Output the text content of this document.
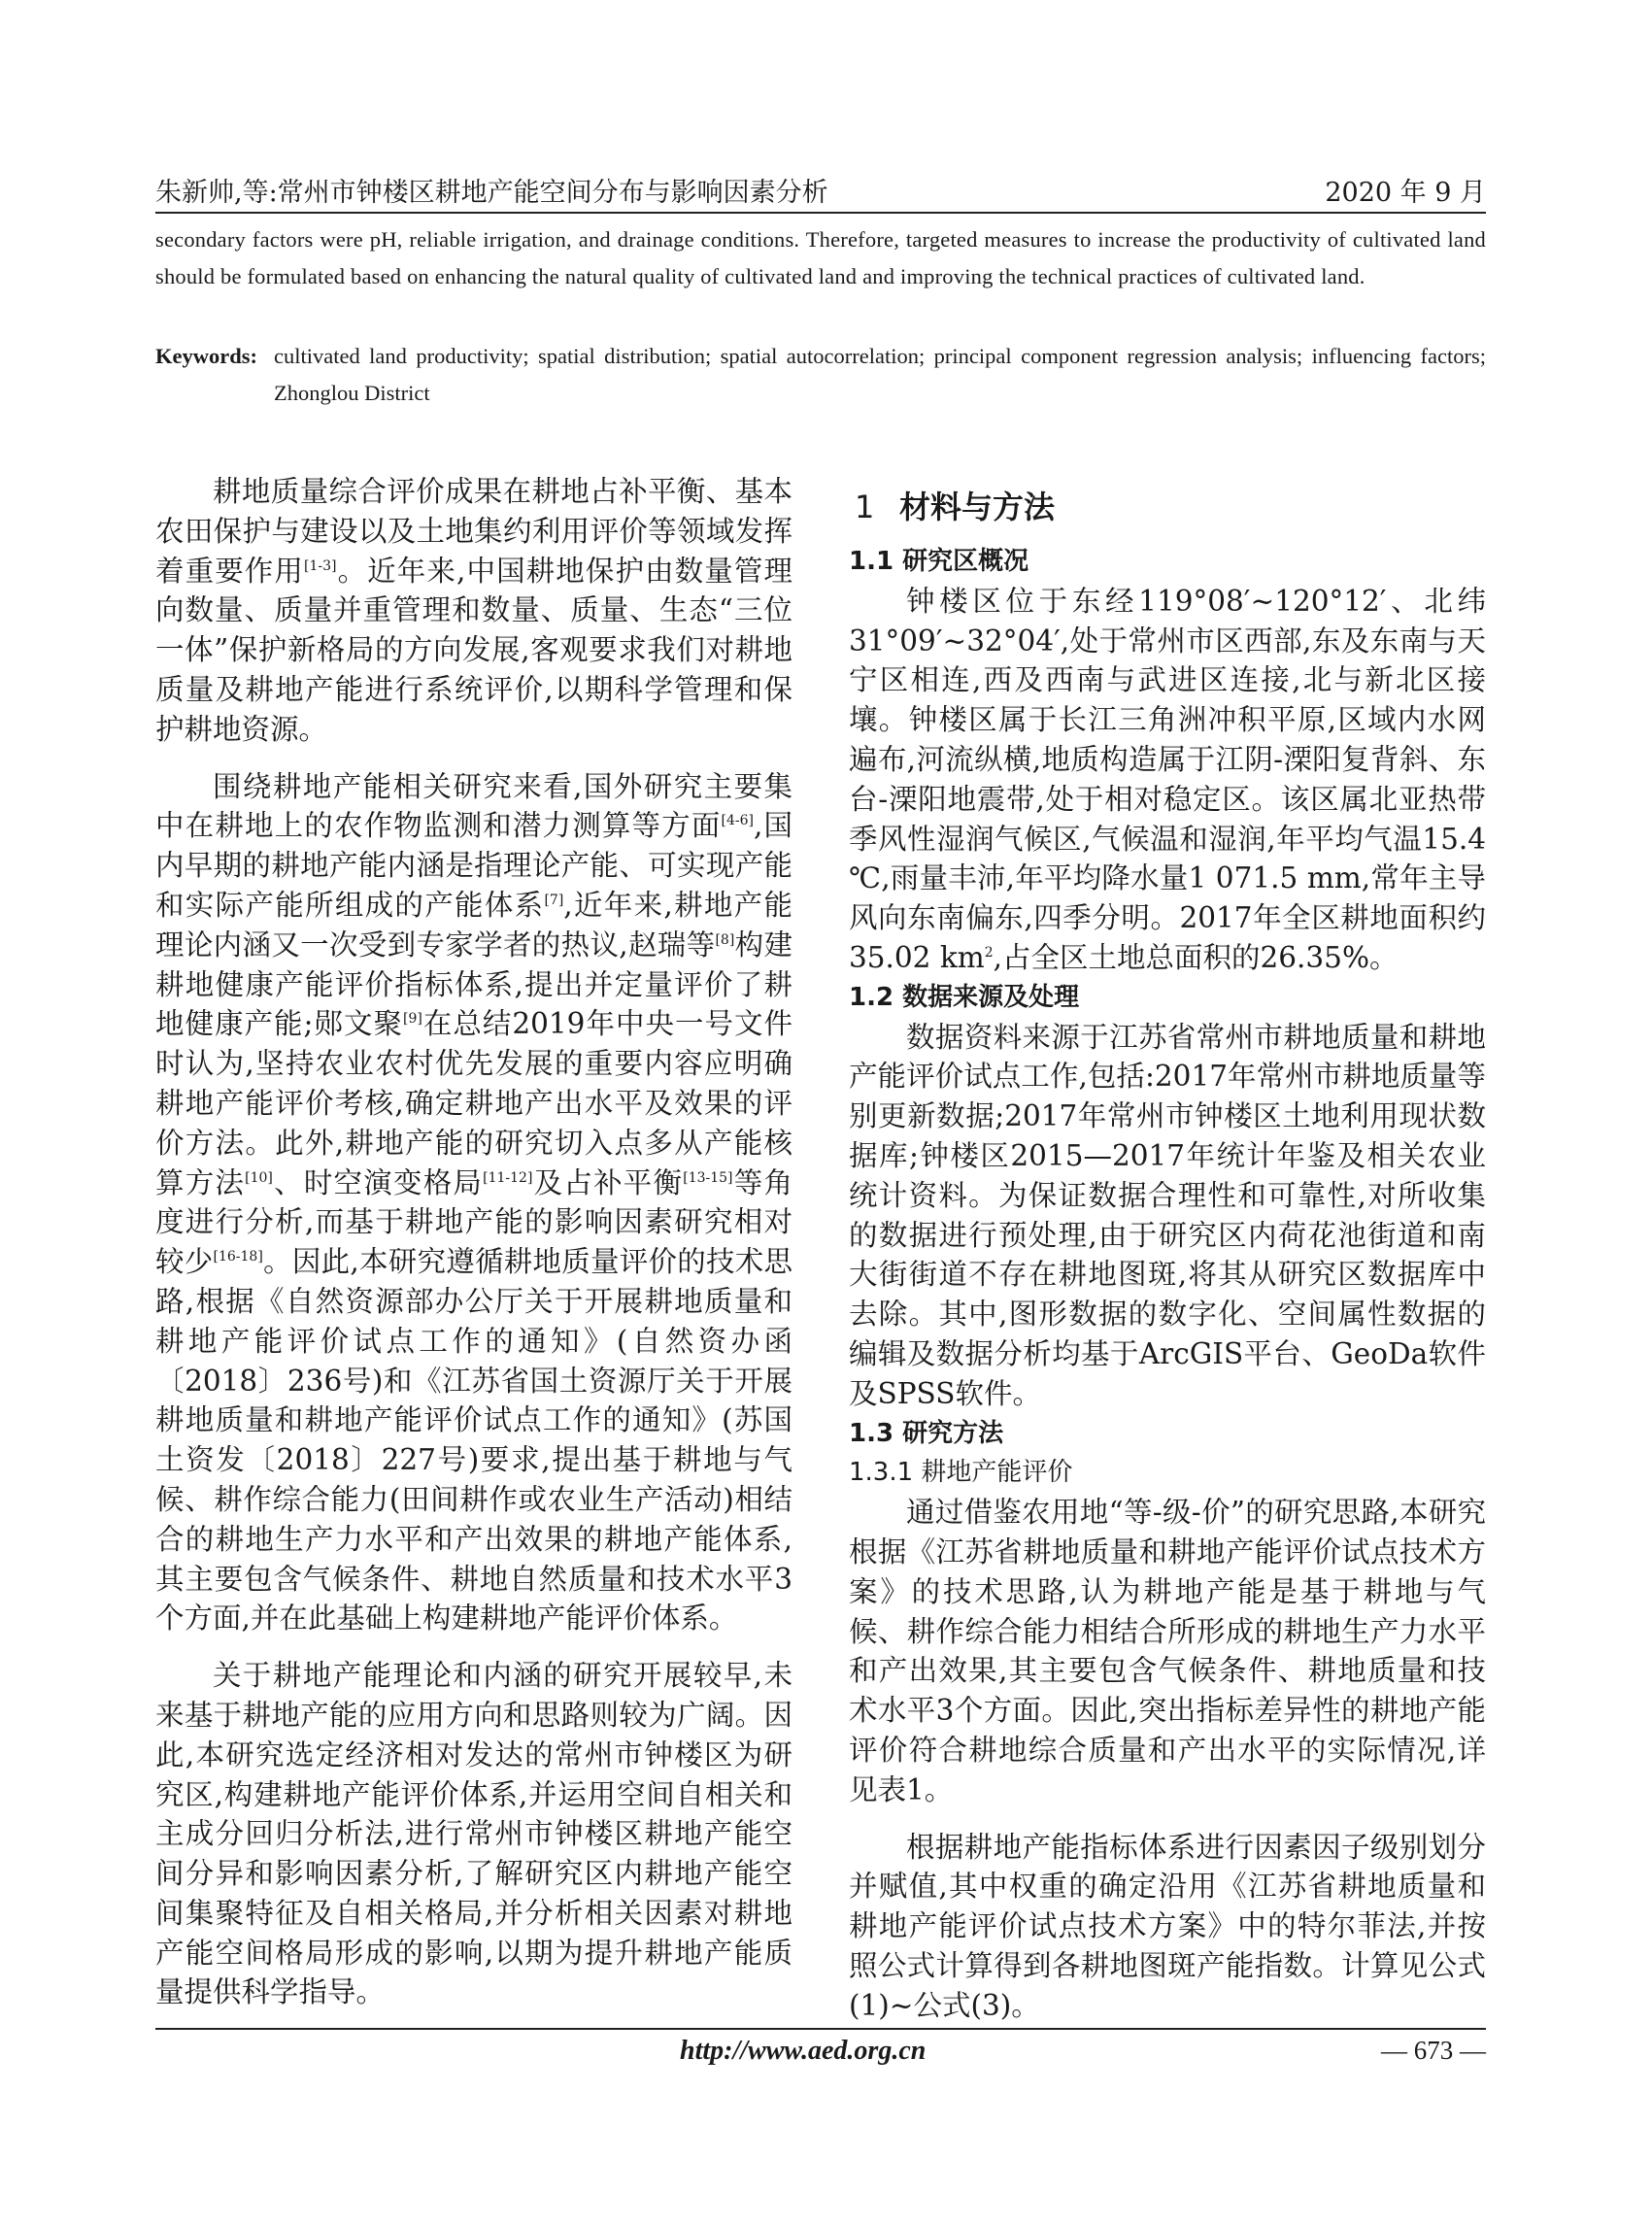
朱新帅,等:常州市钟楼区耕地产能空间分布与影响因素分析	2020 年 9 月

secondary factors were pH, reliable irrigation, and drainage conditions. Therefore, targeted measures to increase the productivity of cultivated land should be formulated based on enhancing the natural quality of cultivated land and improving the technical practices of cultivated land.

Keywords: cultivated land productivity; spatial distribution; spatial autocorrelation; principal component regression analysis; influencing factors; Zhonglou District

耕地质量综合评价成果在耕地占补平衡、基本农田保护与建设以及土地集约利用评价等领域发挥着重要作用[1-3]。近年来,中国耕地保护由数量管理向数量、质量并重管理和数量、质量、生态“三位一体”保护新格局的方向发展,客观要求我们对耕地质量及耕地产能进行系统评价,以期科学管理和保护耕地资源。

围绕耕地产能相关研究来看,国外研究主要集中在耕地上的农作物监测和潜力测算等方面[4-6],国内早期的耕地产能内涵是指理论产能、可实现产能和实际产能所组成的产能体系[7],近年来,耕地产能理论内涵又一次受到专家学者的热议,赵瑞等[8]构建耕地健康产能评价指标体系,提出并定量评价了耕地健康产能;郧文聚[9]在总结2019年中央一号文件时认为,坚持农业农村优先发展的重要内容应明确耕地产能评价考核,确定耕地产出水平及效果的评价方法。此外,耕地产能的研究切入点多从产能核算方法[10]、时空演变格局[11-12]及占补平衡[13-15]等角度进行分析,而基于耕地产能的影响因素研究相对较少[16-18]。因此,本研究遵循耕地质量评价的技术思路,根据《自然资源部办公厅关于开展耕地质量和耕地产能评价试点工作的通知》(自然资办函〔2018〕236号)和《江苏省国土资源厅关于开展耕地质量和耕地产能评价试点工作的通知》(苏国土资发〔2018〕227号)要求,提出基于耕地与气候、耕作综合能力(田间耕作或农业生产活动)相结合的耕地生产力水平和产出效果的耕地产能体系,其主要包含气候条件、耕地自然质量和技术水平3个方面,并在此基础上构建耕地产能评价体系。

关于耕地产能理论和内涵的研究开展较早,未来基于耕地产能的应用方向和思路则较为广阔。因此,本研究选定经济相对发达的常州市钟楼区为研究区,构建耕地产能评价体系,并运用空间自相关和主成分回归分析法,进行常州市钟楼区耕地产能空间分异和影响因素分析,了解研究区内耕地产能空间集聚特征及自相关格局,并分析相关因素对耕地产能空间格局形成的影响,以期为提升耕地产能质量提供科学指导。

1 材料与方法
1.1 研究区概况

钟楼区位于东经119°08′~120°12′、北纬31°09′~32°04′,处于常州市区西部,东及东南与天宁区相连,西及西南与武进区连接,北与新北区接壤。钟楼区属于长江三角洲冲积平原,区域内水网遍布,河流纵横,地质构造属于江阴-溧阳复背斜、东台-溧阳地震带,处于相对稳定区。该区属北亚热带季风性湿润气候区,气候温和湿润,年平均气温15.4 ℃,雨量丰沛,年平均降水量1 071.5 mm,常年主导风向东南偏东,四季分明。2017年全区耕地面积约35.02 $km^2$,占全区土地总面积的26.35%。

1.2 数据来源及处理

数据资料来源于江苏省常州市耕地质量和耕地产能评价试点工作,包括:2017年常州市耕地质量等别更新数据;2017年常州市钟楼区土地利用现状数据库;钟楼区2015—2017年统计年鉴及相关农业统计资料。为保证数据合理性和可靠性,对所收集的数据进行预处理,由于研究区内荷花池街道和南大街街道不存在耕地图斑,将其从研究区数据库中去除。其中,图形数据的数字化、空间属性数据的编辑及数据分析均基于ArcGIS平台、GeoDa软件及SPSS软件。

1.3 研究方法
1.3.1 耕地产能评价

通过借鉴农用地“等-级-价”的研究思路,本研究根据《江苏省耕地质量和耕地产能评价试点技术方案》的技术思路,认为耕地产能是基于耕地与气候、耕作综合能力相结合所形成的耕地生产力水平和产出效果,其主要包含气候条件、耕地质量和技术水平3个方面。因此,突出指标差异性的耕地产能评价符合耕地综合质量和产出水平的实际情况,详见表1。

根据耕地产能指标体系进行因素因子级别划分并赋值,其中权重的确定沿用《江苏省耕地质量和耕地产能评价试点技术方案》中的特尔菲法,并按照公式计算得到各耕地图斑产能指数。计算见公式(1)~公式(3)。

http://www.aed.org.cn	— 673 —
